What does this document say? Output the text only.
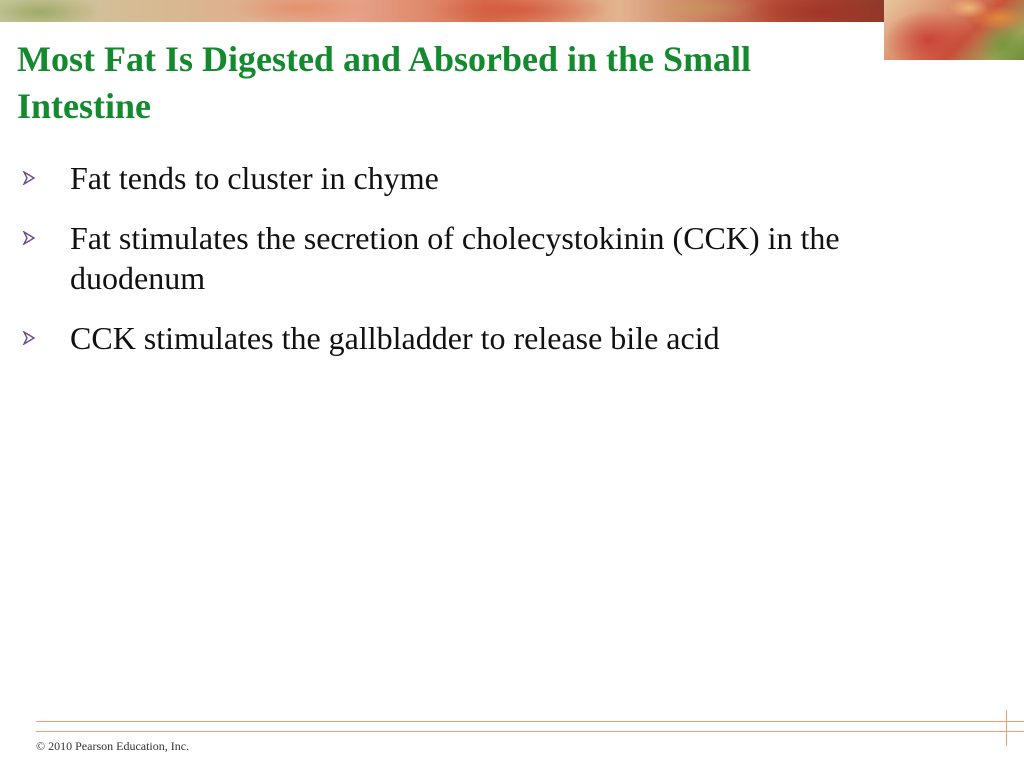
Most Fat Is Digested and Absorbed in the Small Intestine
Fat tends to cluster in chyme
Fat stimulates the secretion of cholecystokinin (CCK) in the duodenum
CCK stimulates the gallbladder to release bile acid
© 2010 Pearson Education, Inc.
